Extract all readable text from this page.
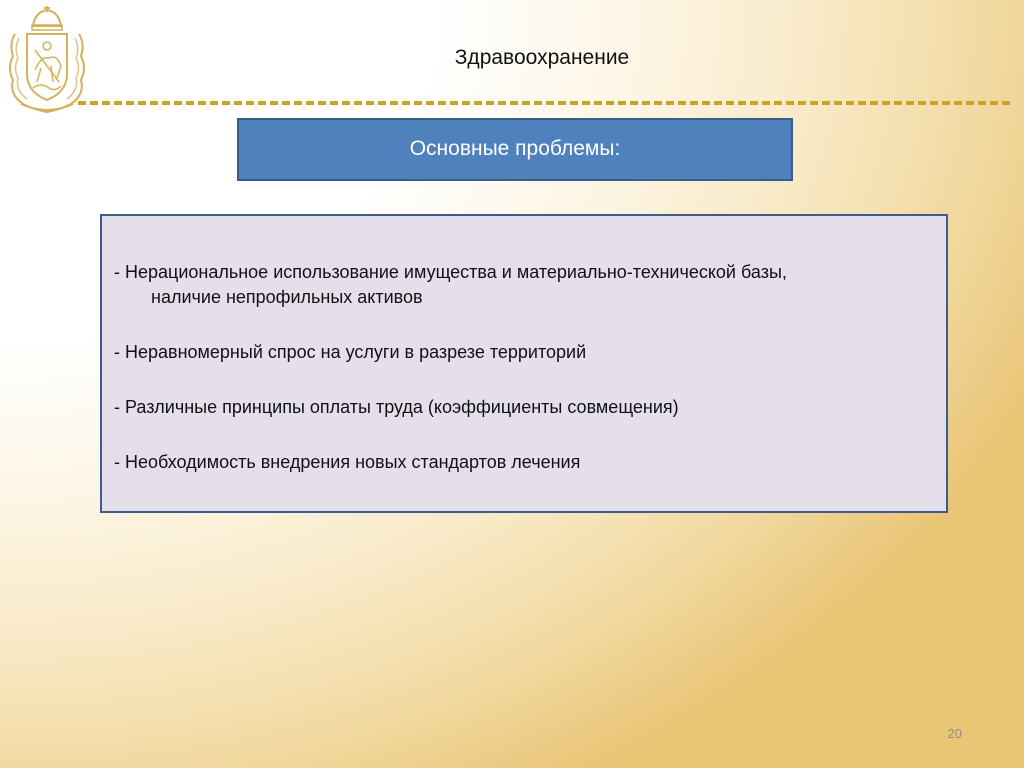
Здравоохранение
Основные проблемы:

- Нерациональное использование имущества и материально-технической базы,
наличие непрофильных активов

- Неравномерный спрос на услуги в разрезе территорий

- Различные принципы оплаты труда (коэффициенты совмещения)

- Необходимость внедрения новых стандартов лечения

20
